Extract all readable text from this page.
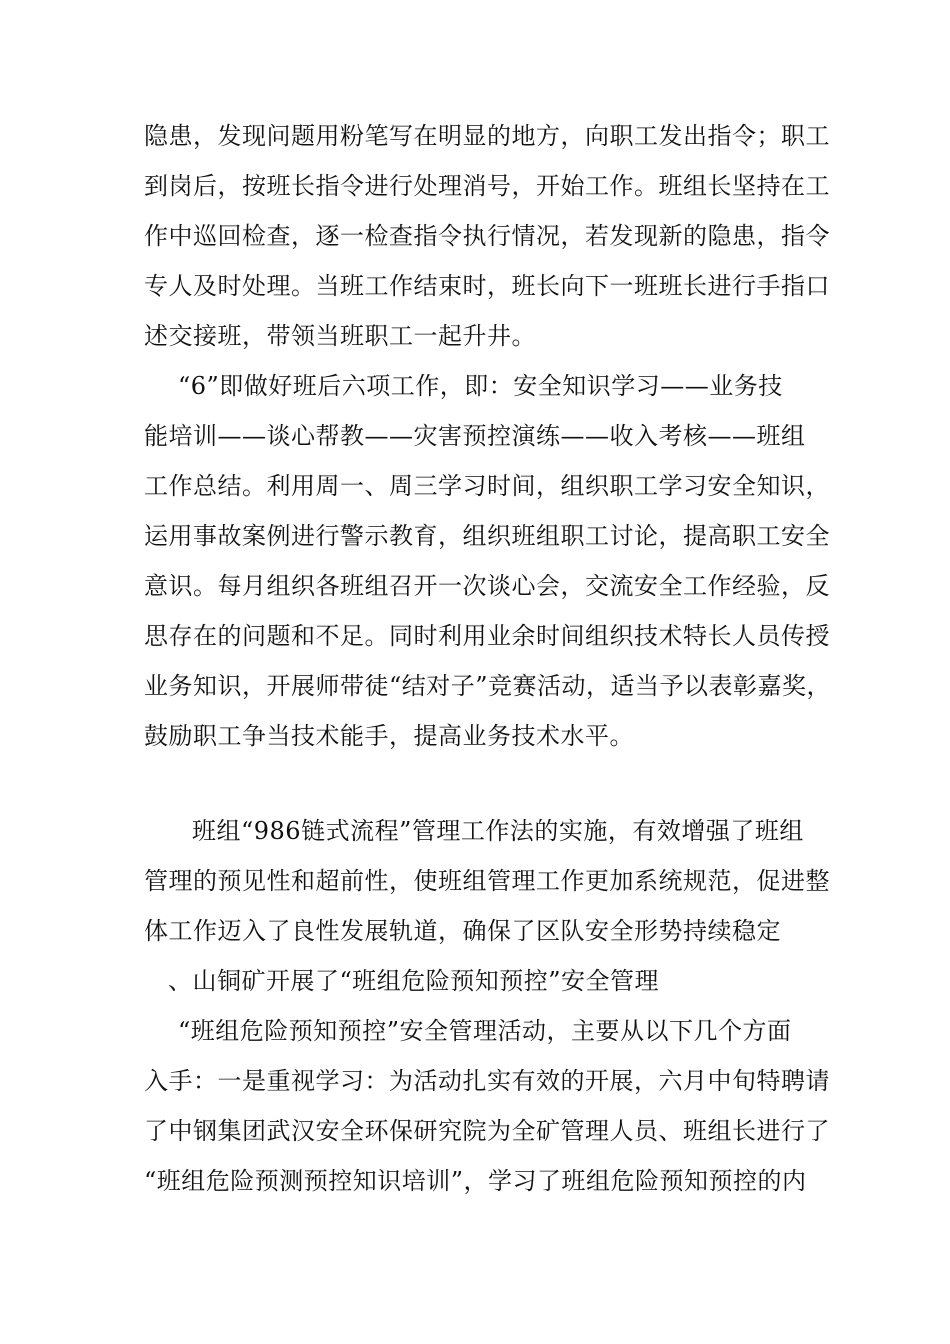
隐患，发现问题用粉笔写在明显的地方，向职工发出指令；职工
到岗后，按班长指令进行处理消号，开始工作。班组长坚持在工
作中巡回检查，逐一检查指令执行情况，若发现新的隐患，指令
专人及时处理。当班工作结束时，班长向下一班班长进行手指口
述交接班，带领当班职工一起升井。
“6”即做好班后六项工作，即：安全知识学习——业务技
能培训——谈心帮教——灾害预控演练——收入考核——班组
工作总结。利用周一、周三学习时间，组织职工学习安全知识，
运用事故案例进行警示教育，组织班组职工讨论，提高职工安全
意识。每月组织各班组召开一次谈心会，交流安全工作经验，反
思存在的问题和不足。同时利用业余时间组织技术特长人员传授
业务知识，开展师带徒“结对子”竞赛活动，适当予以表彰嘉奖，
鼓励职工争当技术能手，提高业务技术水平。
班组“986链式流程”管理工作法的实施，有效增强了班组
管理的预见性和超前性，使班组管理工作更加系统规范，促进整
体工作迈入了良性发展轨道，确保了区队安全形势持续稳定
、山铜矿开展了“班组危险预知预控”安全管理
“班组危险预知预控”安全管理活动，主要从以下几个方面
入手：一是重视学习：为活动扎实有效的开展，六月中旬特聘请
了中钢集团武汉安全环保研究院为全矿管理人员、班组长进行了
“班组危险预测预控知识培训”，学习了班组危险预知预控的内
